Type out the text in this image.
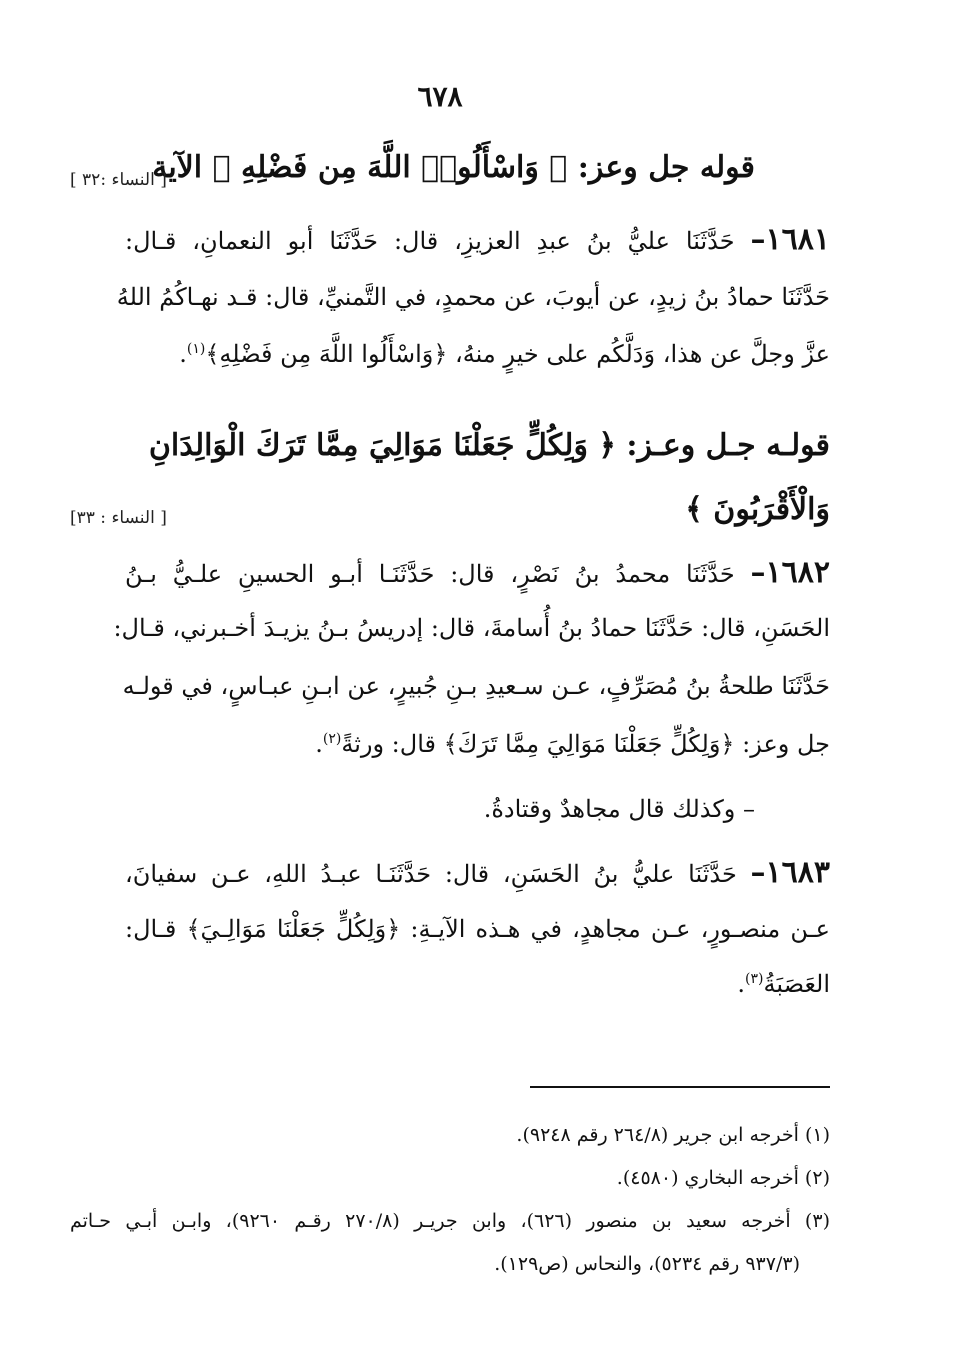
٦٧٨
قوله جل وعز: ﴿ وَاسْأَلُوا۟ اللَّهَ مِن فَضْلِهِ ﴾ الآية
[ النساء :٣٢ ]
١٦٨١– حَدَّثَنَا عليُّ بنُ عبدِ العزيزِ، قال: حَدَّثَنَا أبو النعمانِ، قـال:
حَدَّثَنَا حمادُ بنُ زيدٍ، عن أيوبَ، عن محمدٍ، في التَّمنيِّ، قال: قـد نهـاكُمُ اللهُ
عزَّ وجلَّ عن هذا، وَدَلَّكُم على خيرٍ منهُ، ﴿وَاسْأَلُوا اللَّهَ مِن فَضْلِهِ﴾$^{(١)}$.
قولـه جـل وعـز: ﴿ وَلِكُلٍّ جَعَلْنَا مَوَالِيَ مِمَّا تَرَكَ الْوَالِدَانِ
وَالْأَقْرَبُونَ ﴾
[ النساء : ٣٣]
١٦٨٢– حَدَّثَنَا محمدُ بنُ نَصْرٍ، قال: حَدَّثَنَـا أبـو الحسينِ علـيُّ بـنُ
الحَسَنِ، قال: حَدَّثَنَا حمادُ بنُ أُسامةَ، قال: إدريسُ بـنُ يزيـدَ أخـبرني، قـال:
حَدَّثَنَا طلحةُ بنُ مُصَرِّفٍ، عـن سـعيدِ بـنِ جُبيرٍ، عن ابـنِ عبـاسٍ، في قولـه
جل وعز: ﴿وَلِكُلٍّ جَعَلْنَا مَوَالِيَ مِمَّا تَرَكَ﴾ قال: ورثةً$^{(٢)}$.
– وكذلك قال مجاهدٌ وقتادةُ.
١٦٨٣– حَدَّثَنَا عليُّ بنُ الحَسَنِ، قال: حَدَّثَنَـا عبـدُ اللهِ، عـن سفيانَ،
عـن منصـورٍ، عـن مجاهدٍ، في هـذه الآيـةِ: ﴿وَلِكُلٍّ جَعَلْنَا مَوَالِـيَ﴾ قـال:
العَصَبَةُ$^{(٣)}$.
(١) أخرجه ابن جرير (٢٦٤/٨ رقم ٩٢٤٨).
(٢) أخرجه البخاري (٤٥٨٠).
(٣) أخرجه سعيد بن منصور (٦٢٦)، وابن جريـر (٢٧٠/٨ رقـم ٩٢٦٠)، وابـن أبـي حـاتم
(٩٣٧/٣ رقم ٥٢٣٤)، والنحاس (ص١٢٩).
